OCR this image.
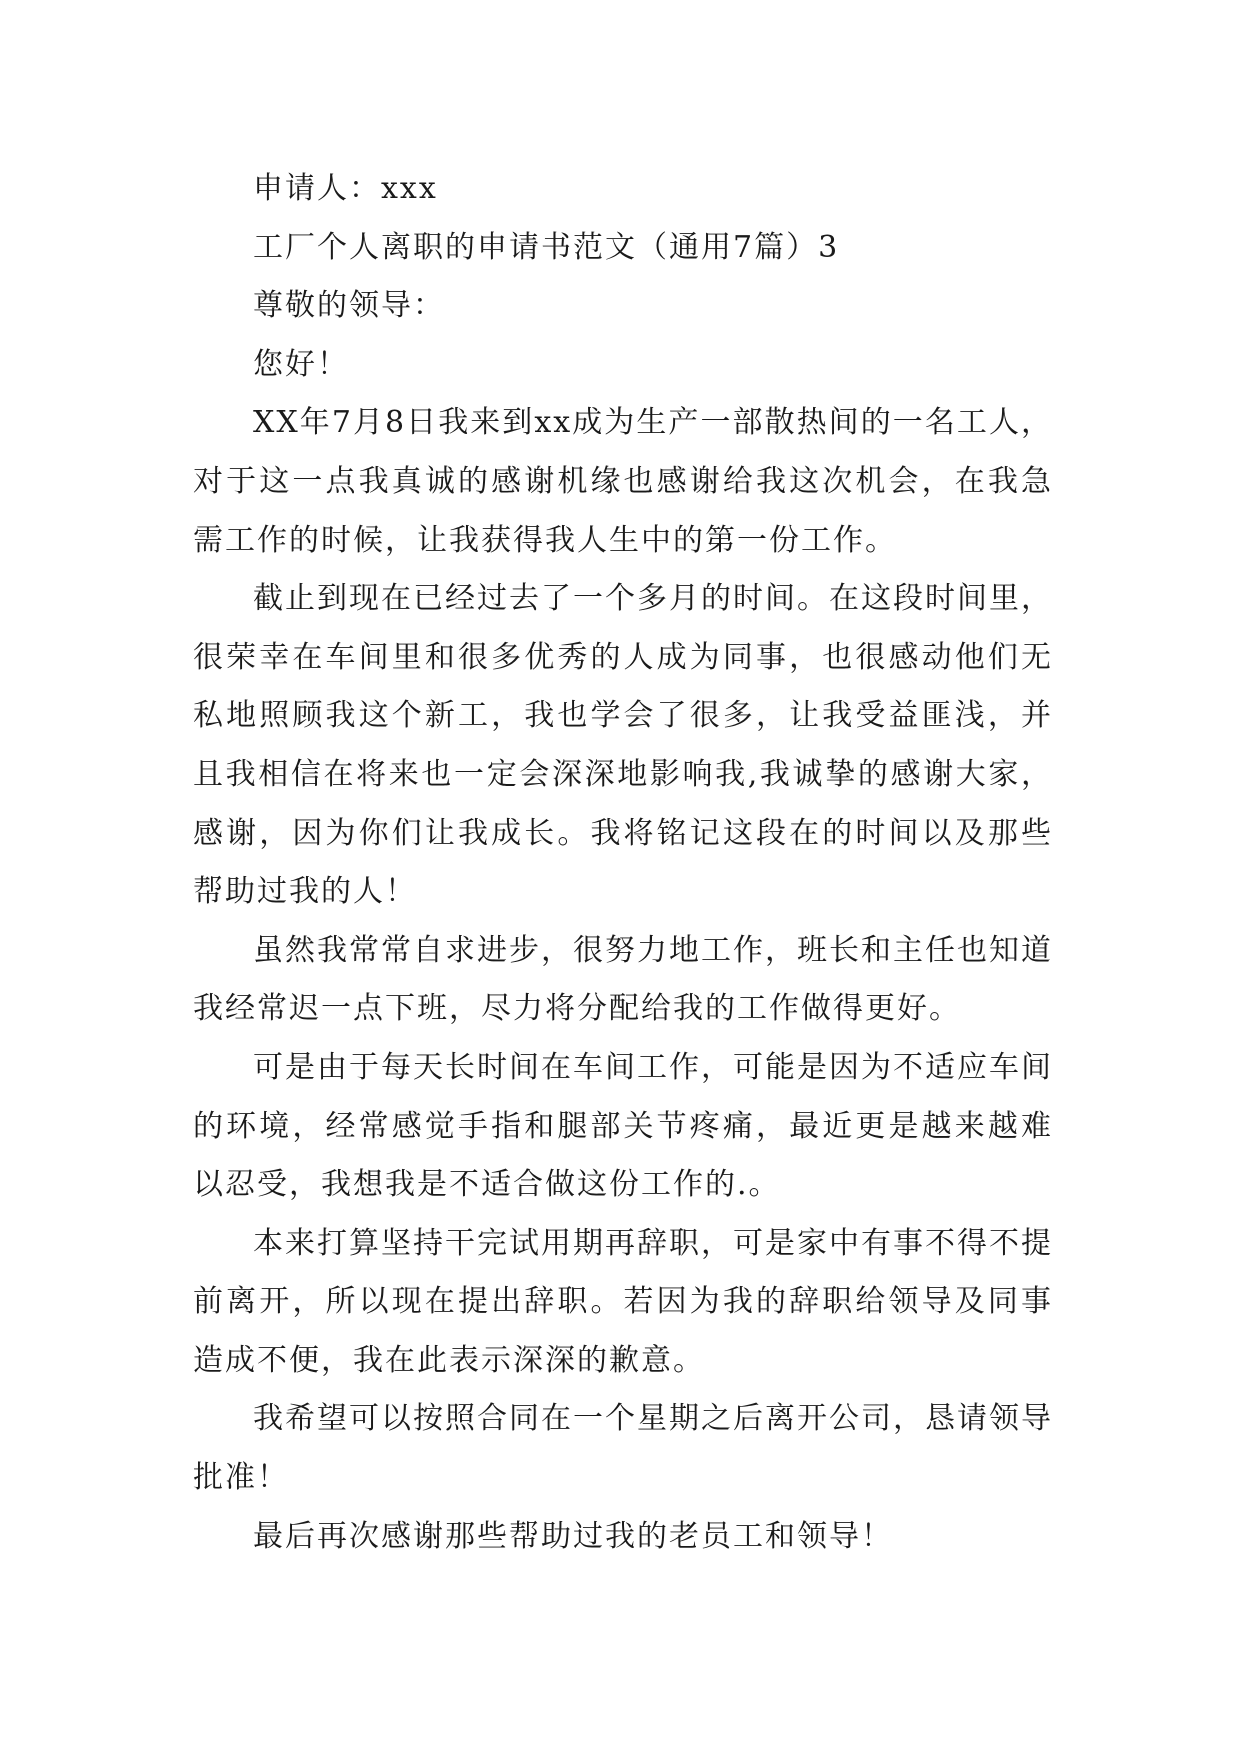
申请人：xxx

工厂个人离职的申请书范文（通用7篇）3

尊敬的领导：

您好！

XX年7月8日我来到xx成为生产一部散热间的一名工人，对于这一点我真诚的感谢机缘也感谢给我这次机会，在我急需工作的时候，让我获得我人生中的第一份工作。

截止到现在已经过去了一个多月的时间。在这段时间里，很荣幸在车间里和很多优秀的人成为同事，也很感动他们无私地照顾我这个新工，我也学会了很多，让我受益匪浅，并且我相信在将来也一定会深深地影响我,我诚挚的感谢大家，感谢，因为你们让我成长。我将铭记这段在的时间以及那些帮助过我的人！

虽然我常常自求进步，很努力地工作，班长和主任也知道我经常迟一点下班，尽力将分配给我的工作做得更好。

可是由于每天长时间在车间工作，可能是因为不适应车间的环境，经常感觉手指和腿部关节疼痛，最近更是越来越难以忍受，我想我是不适合做这份工作的.。

本来打算坚持干完试用期再辞职，可是家中有事不得不提前离开，所以现在提出辞职。若因为我的辞职给领导及同事造成不便，我在此表示深深的歉意。

我希望可以按照合同在一个星期之后离开公司，恳请领导批准！

最后再次感谢那些帮助过我的老员工和领导！
